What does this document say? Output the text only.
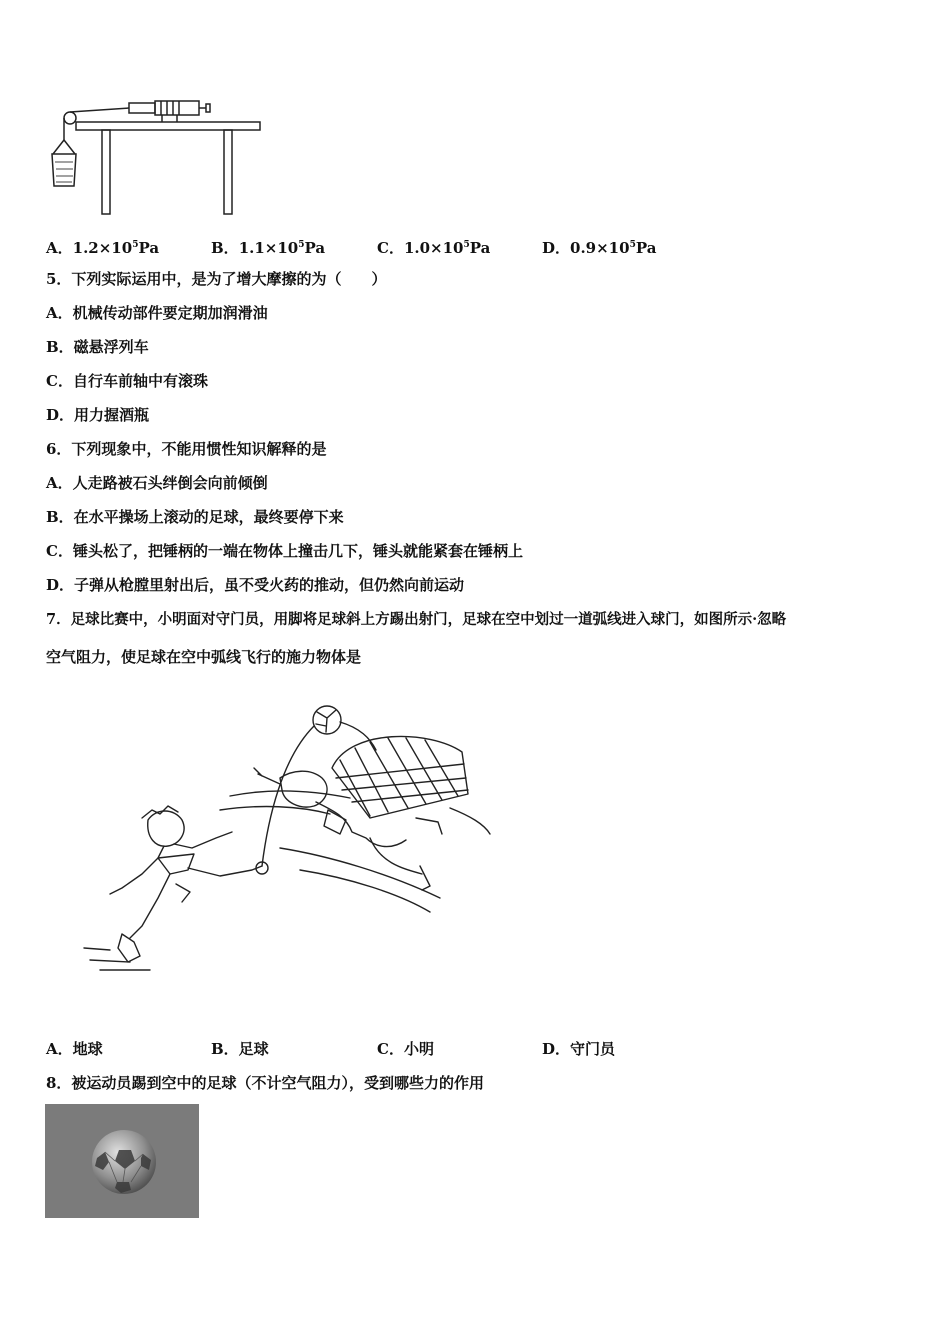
A．$1.2\times 10^5Pa$	B．$1.1\times 10^5Pa$	C．$1.0\times 10^5Pa$	D．$0.9\times 10^5Pa$
5．下列实际运用中，是为了增大摩擦的为（　　）
A．机械传动部件要定期加润滑油
B．磁悬浮列车
C．自行车前轴中有滚珠
D．用力握酒瓶
6．下列现象中，不能用惯性知识解释的是
A．人走路被石头绊倒会向前倾倒
B．在水平操场上滚动的足球，最终要停下来
C．锤头松了，把锤柄的一端在物体上撞击几下，锤头就能紧套在锤柄上
D．子弹从枪膛里射出后，虽不受火药的推动，但仍然向前运动
7．足球比赛中，小明面对守门员，用脚将足球斜上方踢出射门，足球在空中划过一道弧线进入球门，如图所示·忽略
空气阻力，使足球在空中弧线飞行的施力物体是
A．地球	B．足球	C．小明	D．守门员
8．被运动员踢到空中的足球（不计空气阻力），受到哪些力的作用
